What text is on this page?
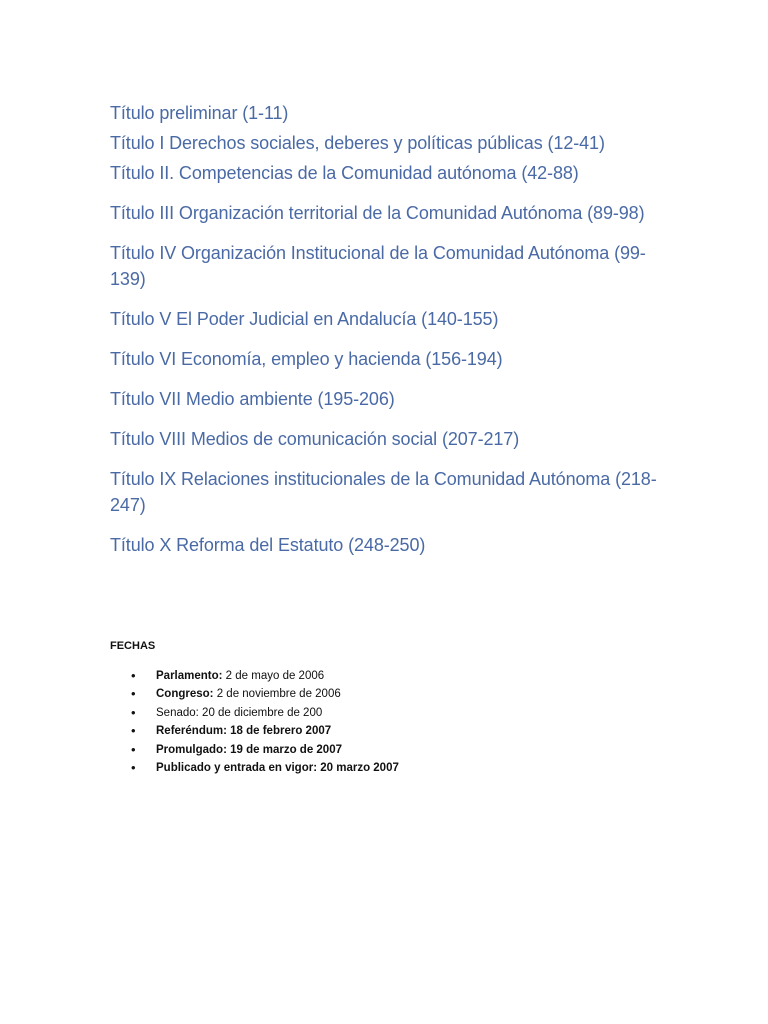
Título preliminar (1-11)
Título I Derechos sociales, deberes y políticas públicas (12-41)
Título II. Competencias de la Comunidad autónoma (42-88)
Título III Organización territorial de la Comunidad Autónoma (89-98)
Título IV Organización Institucional de la Comunidad Autónoma (99-139)
Título V El Poder Judicial en Andalucía (140-155)
Título VI Economía, empleo y hacienda (156-194)
Título VII Medio ambiente (195-206)
Título VIII Medios de comunicación social (207-217)
Título IX Relaciones institucionales de la Comunidad Autónoma (218-247)
Título X Reforma del Estatuto (248-250)

FECHAS

• Parlamento: 2 de mayo de 2006
• Congreso: 2 de noviembre de 2006
• Senado: 20 de diciembre de 200
• Referéndum: 18 de febrero 2007
• Promulgado: 19 de marzo de 2007
• Publicado y entrada en vigor: 20 marzo 2007
